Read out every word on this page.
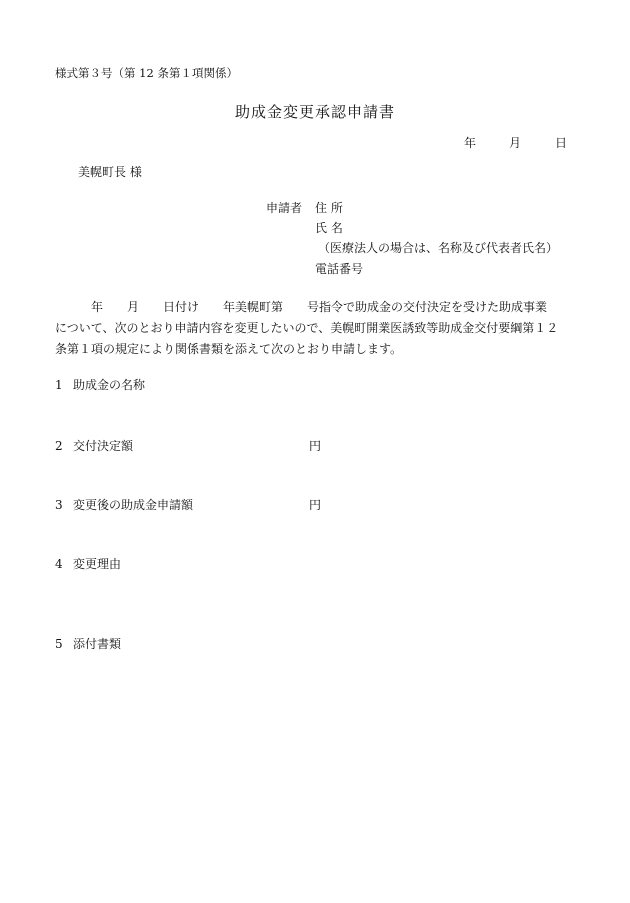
様式第３号（第 12 条第１項関係）
助成金変更承認申請書
年	月	日
美幌町長 様
申請者 住 所
氏 名
（医療法人の場合は、名称及び代表者氏名）
電話番号
　　　年　　月　　日付け　　年美幌町第　　号指令で助成金の交付決定を受けた助成事業
について、次のとおり申請内容を変更したいので、美幌町開業医誘致等助成金交付要綱第１２
条第１項の規定により関係書類を添えて次のとおり申請します。
1 助成金の名称
2 交付決定額	円
3 変更後の助成金申請額	円
4 変更理由
5 添付書類
